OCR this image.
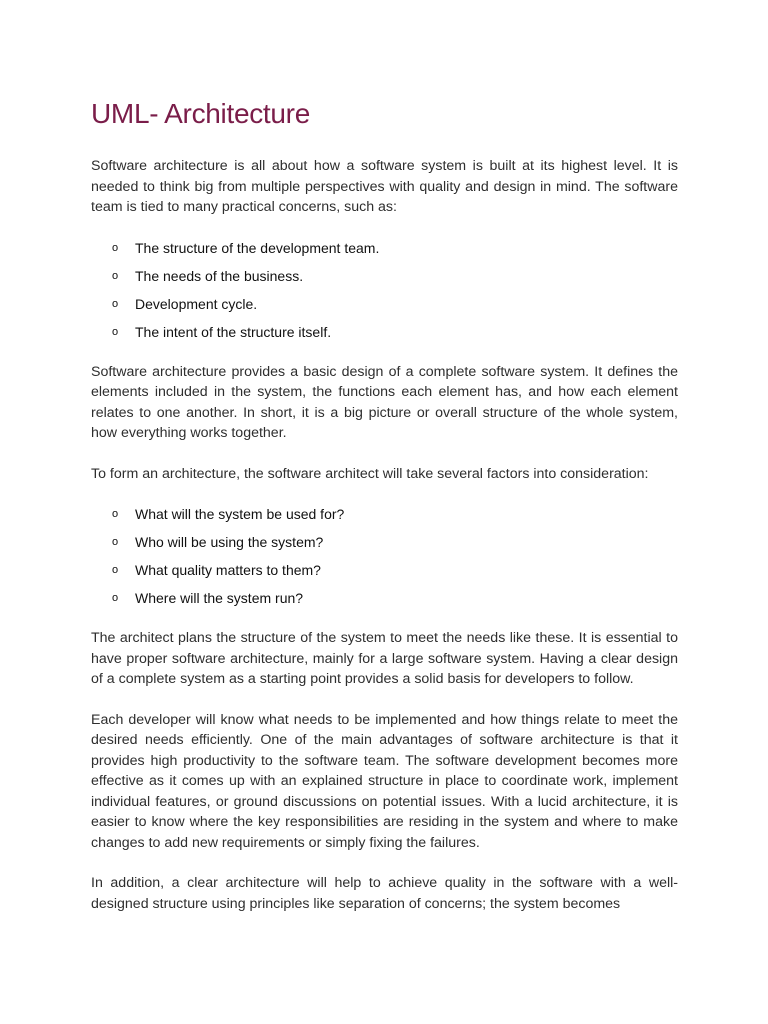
UML- Architecture

Software architecture is all about how a software system is built at its highest level. It is needed to think big from multiple perspectives with quality and design in mind. The software team is tied to many practical concerns, such as:

o The structure of the development team.
o The needs of the business.
o Development cycle.
o The intent of the structure itself.

Software architecture provides a basic design of a complete software system. It defines the elements included in the system, the functions each element has, and how each element relates to one another. In short, it is a big picture or overall structure of the whole system, how everything works together.

To form an architecture, the software architect will take several factors into consideration:

o What will the system be used for?
o Who will be using the system?
o What quality matters to them?
o Where will the system run?

The architect plans the structure of the system to meet the needs like these. It is essential to have proper software architecture, mainly for a large software system. Having a clear design of a complete system as a starting point provides a solid basis for developers to follow.

Each developer will know what needs to be implemented and how things relate to meet the desired needs efficiently. One of the main advantages of software architecture is that it provides high productivity to the software team. The software development becomes more effective as it comes up with an explained structure in place to coordinate work, implement individual features, or ground discussions on potential issues. With a lucid architecture, it is easier to know where the key responsibilities are residing in the system and where to make changes to add new requirements or simply fixing the failures.

In addition, a clear architecture will help to achieve quality in the software with a well-designed structure using principles like separation of concerns; the system becomes
